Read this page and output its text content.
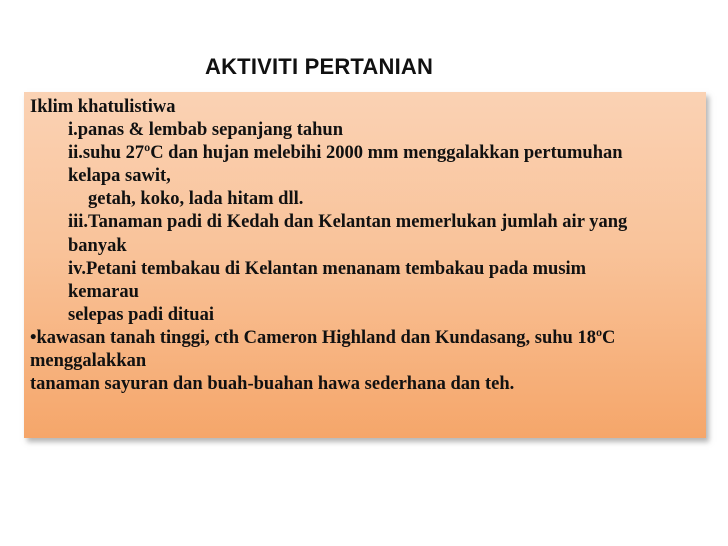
AKTIVITI PERTANIAN
Iklim khatulistiwa
i.panas & lembab sepanjang tahun
ii.suhu 27ºC dan hujan melebihi 2000 mm menggalakkan pertumuhan
kelapa sawit,
getah, koko, lada hitam dll.
iii.Tanaman padi di Kedah dan Kelantan memerlukan jumlah air yang
banyak
iv.Petani tembakau di Kelantan menanam tembakau pada musim
kemarau
selepas padi dituai
•kawasan tanah tinggi, cth Cameron Highland dan Kundasang, suhu 18ºC
menggalakkan
tanaman sayuran dan buah-buahan hawa sederhana dan teh.
